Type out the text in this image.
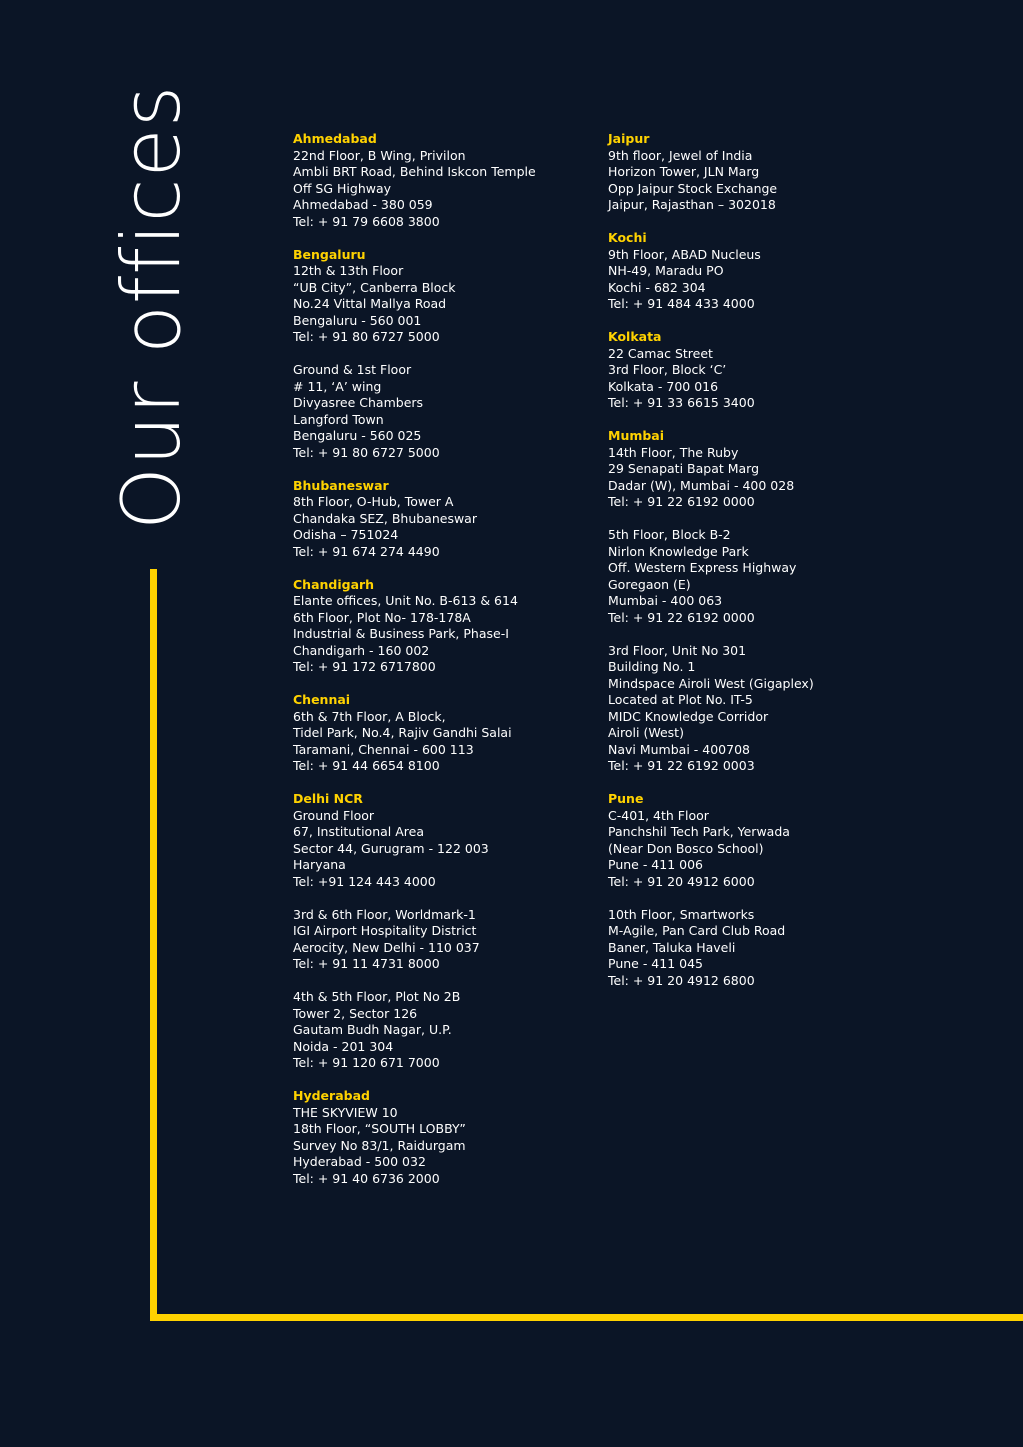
Our offices	Ahmedabad
22nd Floor, B Wing, Privilon
Ambli BRT Road, Behind Iskcon Temple
Off SG Highway
Ahmedabad - 380 059
Tel: + 91 79 6608 3800
Bengaluru
12th & 13th Floor
“UB City”, Canberra Block
No.24 Vittal Mallya Road
Bengaluru - 560 001
Tel: + 91 80 6727 5000
Ground & 1st Floor
# 11, ‘A’ wing
Divyasree Chambers
Langford Town
Bengaluru - 560 025
Tel: + 91 80 6727 5000
Bhubaneswar
8th Floor, O-Hub, Tower A
Chandaka SEZ, Bhubaneswar
Odisha – 751024
Tel: + 91 674 274 4490
Chandigarh
Elante offices, Unit No. B-613 & 614
6th Floor, Plot No- 178-178A
Industrial & Business Park, Phase-I
Chandigarh - 160 002
Tel: + 91 172 6717800
Chennai
6th & 7th Floor, A Block,
Tidel Park, No.4, Rajiv Gandhi Salai
Taramani, Chennai - 600 113
Tel: + 91 44 6654 8100
Delhi NCR
Ground Floor
67, Institutional Area
Sector 44, Gurugram - 122 003
Haryana
Tel: +91 124 443 4000
3rd & 6th Floor, Worldmark-1
IGI Airport Hospitality District
Aerocity, New Delhi - 110 037
Tel: + 91 11 4731 8000
4th & 5th Floor, Plot No 2B
Tower 2, Sector 126
Gautam Budh Nagar, U.P.
Noida - 201 304
Tel: + 91 120 671 7000
Hyderabad
THE SKYVIEW 10
18th Floor, “SOUTH LOBBY”
Survey No 83/1, Raidurgam
Hyderabad - 500 032
Tel: + 91 40 6736 2000
Jaipur
9th floor, Jewel of India
Horizon Tower, JLN Marg
Opp Jaipur Stock Exchange
Jaipur, Rajasthan – 302018
Kochi
9th Floor, ABAD Nucleus
NH-49, Maradu PO
Kochi - 682 304
Tel: + 91 484 433 4000
Kolkata
22 Camac Street
3rd Floor, Block ‘C’
Kolkata - 700 016
Tel: + 91 33 6615 3400
Mumbai
14th Floor, The Ruby
29 Senapati Bapat Marg
Dadar (W), Mumbai - 400 028
Tel: + 91 22 6192 0000
5th Floor, Block B-2
Nirlon Knowledge Park
Off. Western Express Highway
Goregaon (E)
Mumbai - 400 063
Tel: + 91 22 6192 0000
3rd Floor, Unit No 301
Building No. 1
Mindspace Airoli West (Gigaplex)
Located at Plot No. IT-5
MIDC Knowledge Corridor
Airoli (West)
Navi Mumbai - 400708
Tel: + 91 22 6192 0003
Pune
C-401, 4th Floor
Panchshil Tech Park, Yerwada
(Near Don Bosco School)
Pune - 411 006
Tel: + 91 20 4912 6000
10th Floor, Smartworks
M-Agile, Pan Card Club Road
Baner, Taluka Haveli
Pune - 411 045
Tel: + 91 20 4912 6800
